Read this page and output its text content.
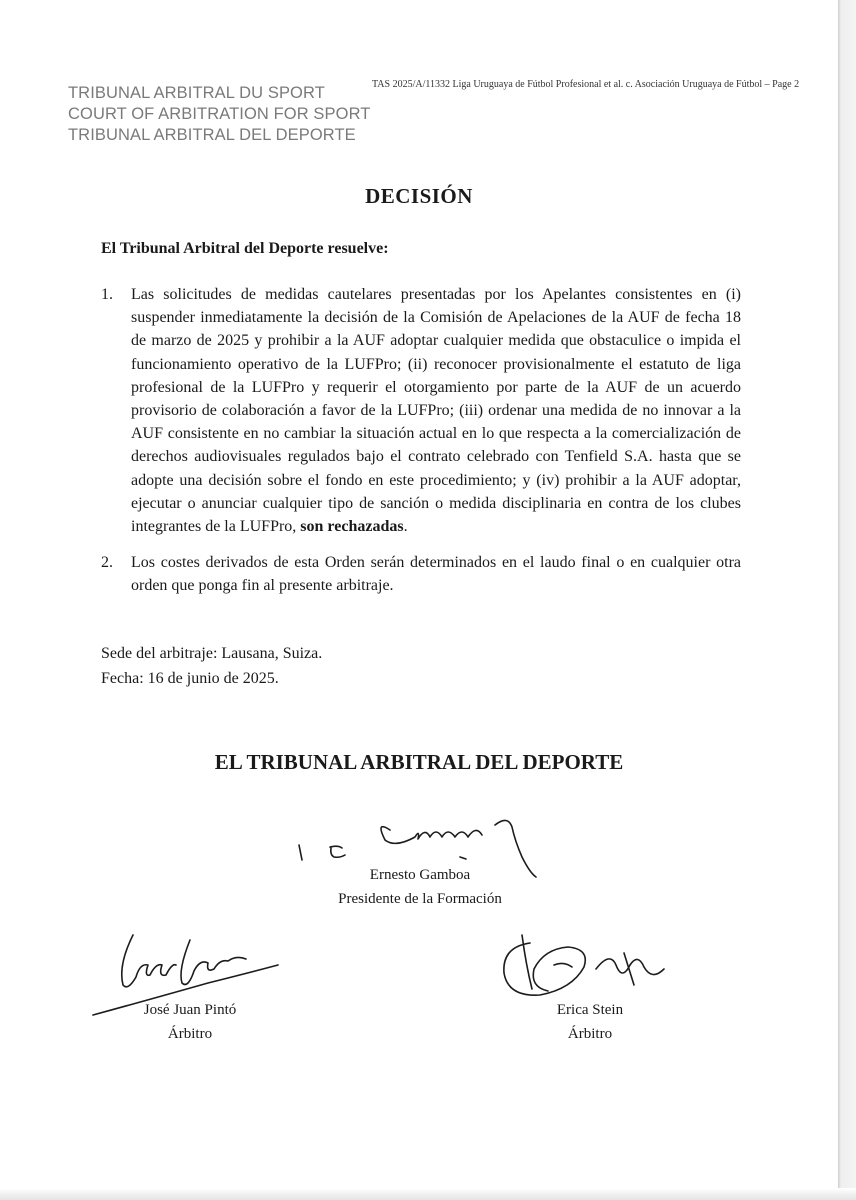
TRIBUNAL ARBITRAL DU SPORT
COURT OF ARBITRATION FOR SPORT
TRIBUNAL ARBITRAL DEL DEPORTE
TAS 2025/A/11332 Liga Uruguaya de Fútbol Profesional et al. c. Asociación Uruguaya de Fútbol – Page 2
DECISIÓN
El Tribunal Arbitral del Deporte resuelve:
1. Las solicitudes de medidas cautelares presentadas por los Apelantes consistentes en (i) suspender inmediatamente la decisión de la Comisión de Apelaciones de la AUF de fecha 18 de marzo de 2025 y prohibir a la AUF adoptar cualquier medida que obstaculice o impida el funcionamiento operativo de la LUFPro; (ii) reconocer provisionalmente el estatuto de liga profesional de la LUFPro y requerir el otorgamiento por parte de la AUF de un acuerdo provisorio de colaboración a favor de la LUFPro; (iii) ordenar una medida de no innovar a la AUF consistente en no cambiar la situación actual en lo que respecta a la comercialización de derechos audiovisuales regulados bajo el contrato celebrado con Tenfield S.A. hasta que se adopte una decisión sobre el fondo en este procedimiento; y (iv) prohibir a la AUF adoptar, ejecutar o anunciar cualquier tipo de sanción o medida disciplinaria en contra de los clubes integrantes de la LUFPro, son rechazadas.
2. Los costes derivados de esta Orden serán determinados en el laudo final o en cualquier otra orden que ponga fin al presente arbitraje.
Sede del arbitraje: Lausana, Suiza.
Fecha: 16 de junio de 2025.
EL TRIBUNAL ARBITRAL DEL DEPORTE
Ernesto Gamboa
Presidente de la Formación
José Juan Pintó
Árbitro
Erica Stein
Árbitro
